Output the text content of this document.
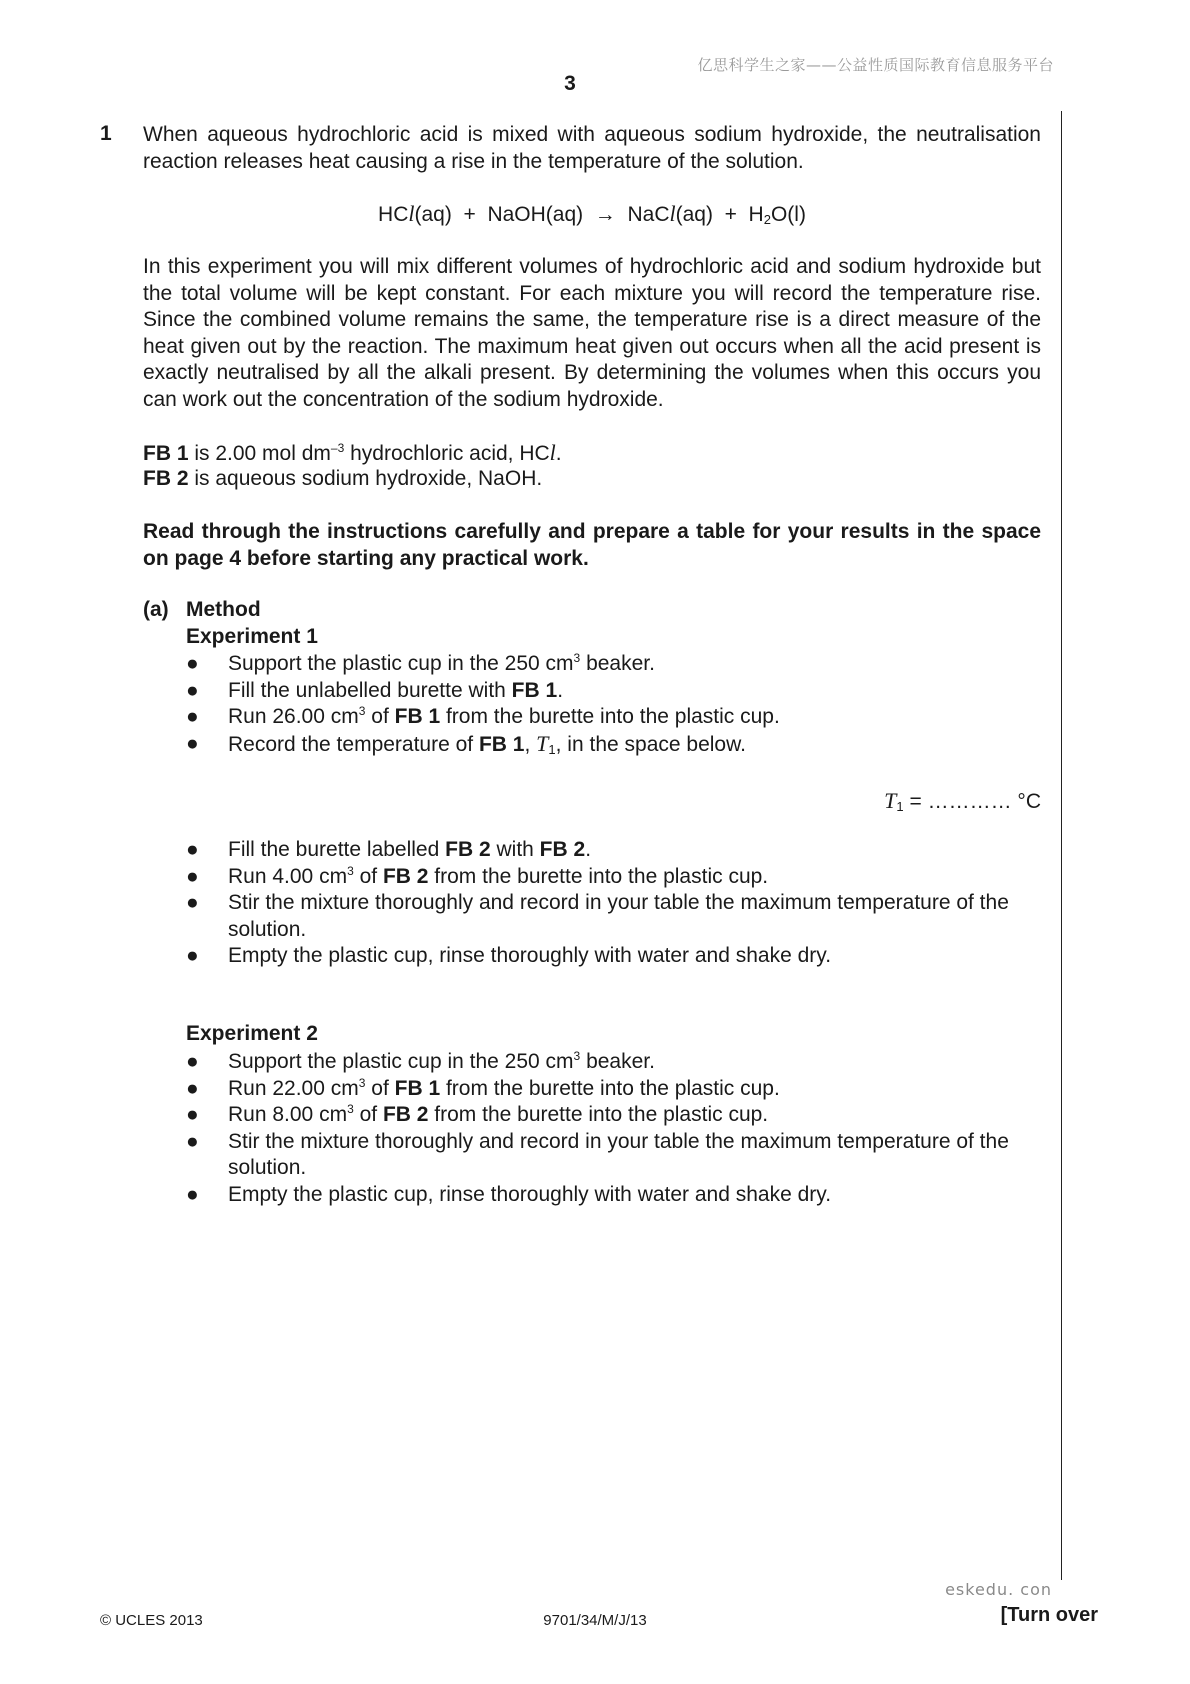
亿思科学生之家——公益性质国际教育信息服务平台
3
1 When aqueous hydrochloric acid is mixed with aqueous sodium hydroxide, the neutralisation reaction releases heat causing a rise in the temperature of the solution.
HCl(aq)  +  NaOH(aq)  →  NaCl(aq)  +  $H_2O(l)$
In this experiment you will mix different volumes of hydrochloric acid and sodium hydroxide but the total volume will be kept constant. For each mixture you will record the temperature rise. Since the combined volume remains the same, the temperature rise is a direct measure of the heat given out by the reaction. The maximum heat given out occurs when all the acid present is exactly neutralised by all the alkali present. By determining the volumes when this occurs you can work out the concentration of the sodium hydroxide.
FB 1 is 2.00 mol $dm^{-3}$ hydrochloric acid, HCl.
FB 2 is aqueous sodium hydroxide, NaOH.
Read through the instructions carefully and prepare a table for your results in the space on page 4 before starting any practical work.
(a) Method
Experiment 1
● Support the plastic cup in the 250 $cm^3$ beaker.
● Fill the unlabelled burette with FB 1.
● Run 26.00 $cm^3$ of FB 1 from the burette into the plastic cup.
● Record the temperature of FB 1, $T_1$, in the space below.
$T_1$ = ………… °C
● Fill the burette labelled FB 2 with FB 2.
● Run 4.00 $cm^3$ of FB 2 from the burette into the plastic cup.
● Stir the mixture thoroughly and record in your table the maximum temperature of the solution.
● Empty the plastic cup, rinse thoroughly with water and shake dry.
Experiment 2
● Support the plastic cup in the 250 $cm^3$ beaker.
● Run 22.00 $cm^3$ of FB 1 from the burette into the plastic cup.
● Run 8.00 $cm^3$ of FB 2 from the burette into the plastic cup.
● Stir the mixture thoroughly and record in your table the maximum temperature of the solution.
● Empty the plastic cup, rinse thoroughly with water and shake dry.
eskedu. con
© UCLES 2013	9701/34/M/J/13	[Turn over
